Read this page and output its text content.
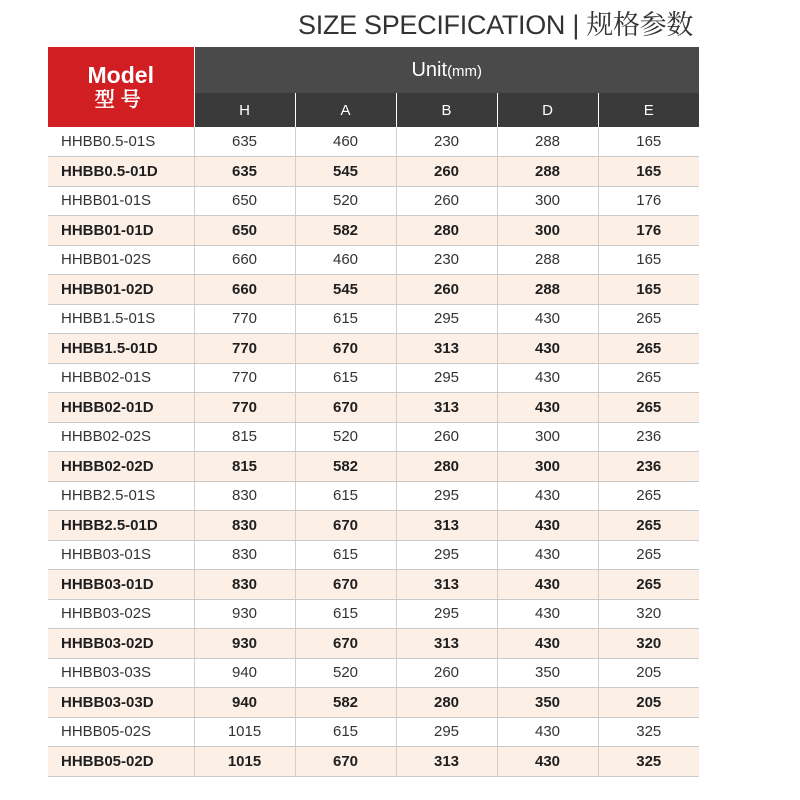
SIZE SPECIFICATION | 规格参数
Model
型号	Unit(mm)				
	H	A	B	D	E
HHBB0.5-01S	635	460	230	288	165
HHBB0.5-01D	635	545	260	288	165
HHBB01-01S	650	520	260	300	176
HHBB01-01D	650	582	280	300	176
HHBB01-02S	660	460	230	288	165
HHBB01-02D	660	545	260	288	165
HHBB1.5-01S	770	615	295	430	265
HHBB1.5-01D	770	670	313	430	265
HHBB02-01S	770	615	295	430	265
HHBB02-01D	770	670	313	430	265
HHBB02-02S	815	520	260	300	236
HHBB02-02D	815	582	280	300	236
HHBB2.5-01S	830	615	295	430	265
HHBB2.5-01D	830	670	313	430	265
HHBB03-01S	830	615	295	430	265
HHBB03-01D	830	670	313	430	265
HHBB03-02S	930	615	295	430	320
HHBB03-02D	930	670	313	430	320
HHBB03-03S	940	520	260	350	205
HHBB03-03D	940	582	280	350	205
HHBB05-02S	1015	615	295	430	325
HHBB05-02D	1015	670	313	430	325
